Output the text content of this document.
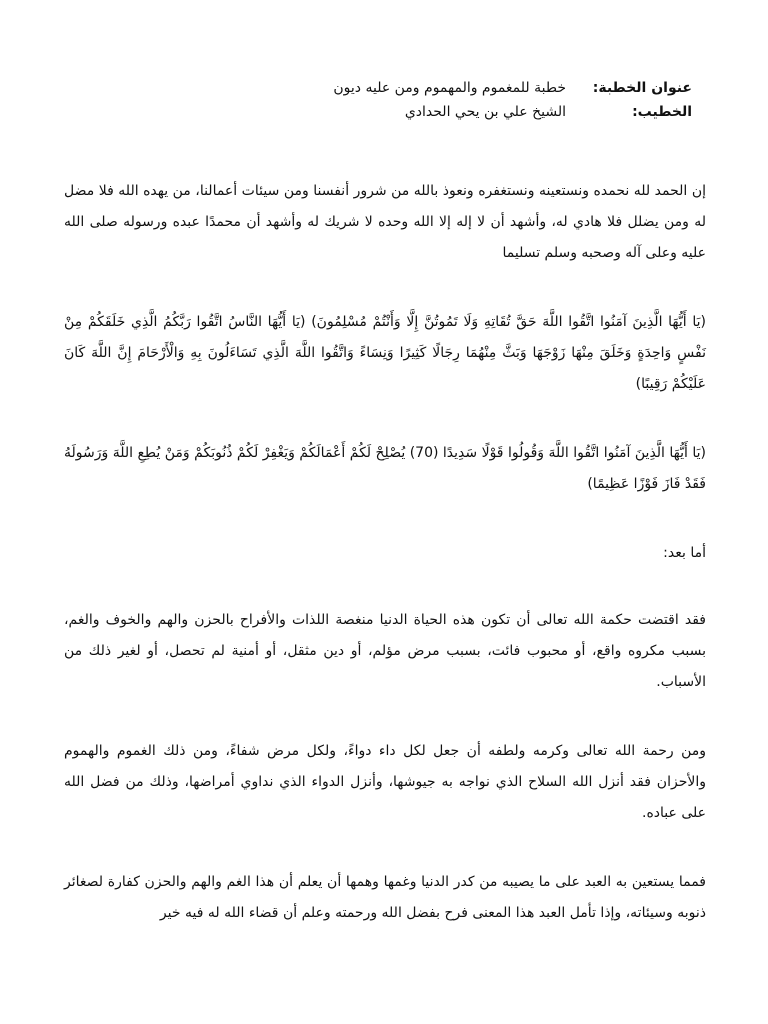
عنوان الخطبة:
خطبة للمغموم والمهموم ومن عليه ديون
الخطيب:
الشيخ علي بن يحي الحدادي

إن الحمد لله نحمده ونستعينه ونستغفره ونعوذ بالله من شرور أنفسنا ومن سيئات أعمالنا، من يهده الله فلا مضل له ومن يضلل فلا هادي له، وأشهد أن لا إله إلا الله وحده لا شريك له وأشهد أن محمدًا عبده ورسوله صلى الله عليه وعلى آله وصحبه وسلم تسليما

(يَا أَيُّهَا الَّذِينَ آمَنُوا اتَّقُوا اللَّهَ حَقَّ تُقَاتِهِ وَلَا تَمُوتُنَّ إِلَّا وَأَنْتُمْ مُسْلِمُونَ) (يَا أَيُّهَا النَّاسُ اتَّقُوا رَبَّكُمُ الَّذِي خَلَقَكُمْ مِنْ نَفْسٍ وَاحِدَةٍ وَخَلَقَ مِنْهَا زَوْجَهَا وَبَثَّ مِنْهُمَا رِجَالًا كَثِيرًا وَنِسَاءً وَاتَّقُوا اللَّهَ الَّذِي تَسَاءَلُونَ بِهِ وَالْأَرْحَامَ إِنَّ اللَّهَ كَانَ عَلَيْكُمْ رَقِيبًا)

(يَا أَيُّهَا الَّذِينَ آمَنُوا اتَّقُوا اللَّهَ وَقُولُوا قَوْلًا سَدِيدًا (70) يُصْلِحْ لَكُمْ أَعْمَالَكُمْ وَيَغْفِرْ لَكُمْ ذُنُوبَكُمْ وَمَنْ يُطِعِ اللَّهَ وَرَسُولَهُ فَقَدْ فَازَ فَوْزًا عَظِيمًا)

أما بعد:

فقد اقتضت حكمة الله تعالى أن تكون هذه الحياة الدنيا منغصة اللذات والأفراح بالحزن والهم والخوف والغم، بسبب مكروه واقع، أو محبوب فائت، بسبب مرض مؤلم، أو دين مثقل، أو أمنية لم تحصل، أو لغير ذلك من الأسباب.

ومن رحمة الله تعالى وكرمه ولطفه أن جعل لكل داء دواءً، ولكل مرض شفاءً، ومن ذلك الغموم والهموم والأحزان فقد أنزل الله السلاح الذي نواجه به جيوشها، وأنزل الدواء الذي نداوي أمراضها، وذلك من فضل الله على عباده.

فمما يستعين به العبد على ما يصيبه من كدر الدنيا وغمها وهمها أن يعلم أن هذا الغم والهم والحزن كفارة لصغائر ذنوبه وسيئاته، وإذا تأمل العبد هذا المعنى فرح بفضل الله ورحمته وعلم أن قضاء الله له فيه خير
